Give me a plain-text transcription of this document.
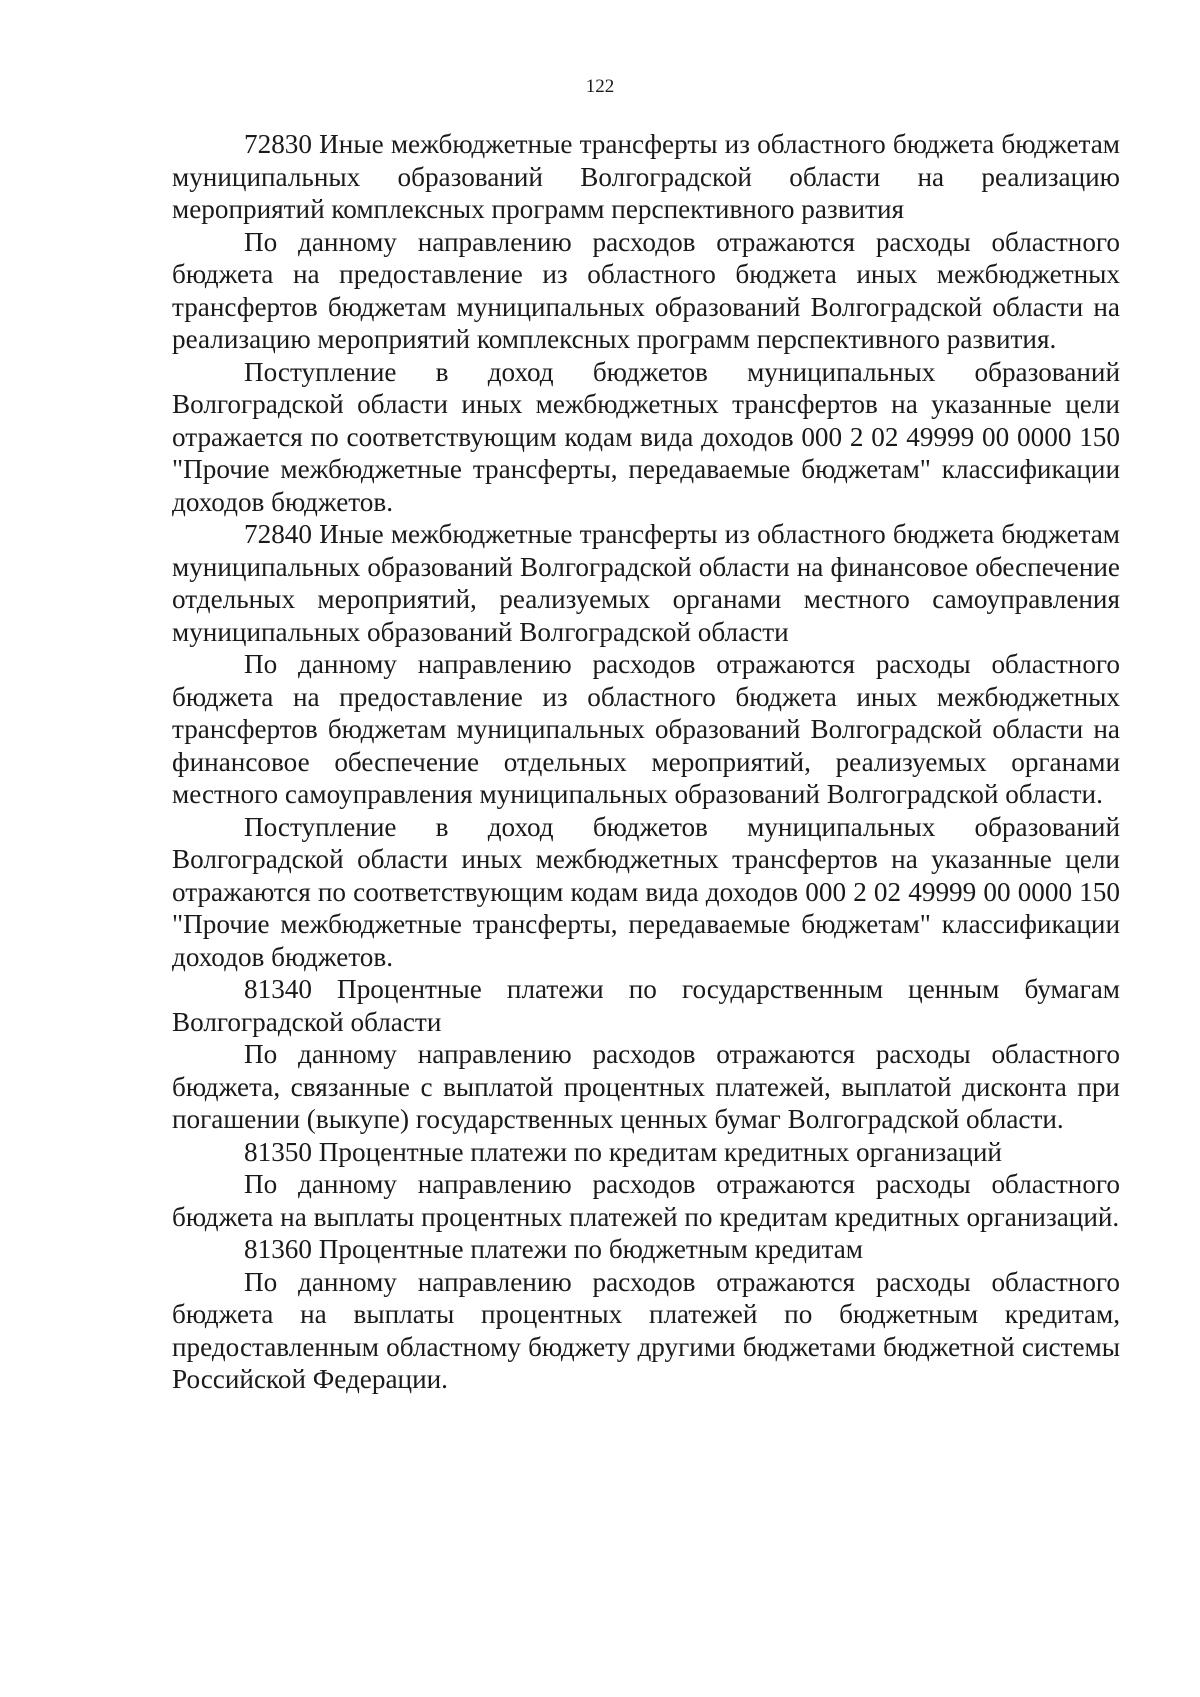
122

72830 Иные межбюджетные трансферты из областного бюджета бюджетам муниципальных образований Волгоградской области на реализацию мероприятий комплексных программ перспективного развития

По данному направлению расходов отражаются расходы областного бюджета на предоставление из областного бюджета иных межбюджетных трансфертов бюджетам муниципальных образований Волгоградской области на реализацию мероприятий комплексных программ перспективного развития.

Поступление в доход бюджетов муниципальных образований Волгоградской области иных межбюджетных трансфертов на указанные цели отражается по соответствующим кодам вида доходов 000 2 02 49999 00 0000 150 "Прочие межбюджетные трансферты, передаваемые бюджетам" классификации доходов бюджетов.

72840 Иные межбюджетные трансферты из областного бюджета бюджетам муниципальных образований Волгоградской области на финансовое обеспечение отдельных мероприятий, реализуемых органами местного самоуправления муниципальных образований Волгоградской области

По данному направлению расходов отражаются расходы областного бюджета на предоставление из областного бюджета иных межбюджетных трансфертов бюджетам муниципальных образований Волгоградской области на финансовое обеспечение отдельных мероприятий, реализуемых органами местного самоуправления муниципальных образований Волгоградской области.

Поступление в доход бюджетов муниципальных образований Волгоградской области иных межбюджетных трансфертов на указанные цели отражаются по соответствующим кодам вида доходов 000 2 02 49999 00 0000 150 "Прочие межбюджетные трансферты, передаваемые бюджетам" классификации доходов бюджетов.

81340 Процентные платежи по государственным ценным бумагам Волгоградской области

По данному направлению расходов отражаются расходы областного бюджета, связанные с выплатой процентных платежей, выплатой дисконта при погашении (выкупе) государственных ценных бумаг Волгоградской области.

81350 Процентные платежи по кредитам кредитных организаций

По данному направлению расходов отражаются расходы областного бюджета на выплаты процентных платежей по кредитам кредитных организаций.

81360 Процентные платежи по бюджетным кредитам

По данному направлению расходов отражаются расходы областного бюджета на выплаты процентных платежей по бюджетным кредитам, предоставленным областному бюджету другими бюджетами бюджетной системы Российской Федерации.
